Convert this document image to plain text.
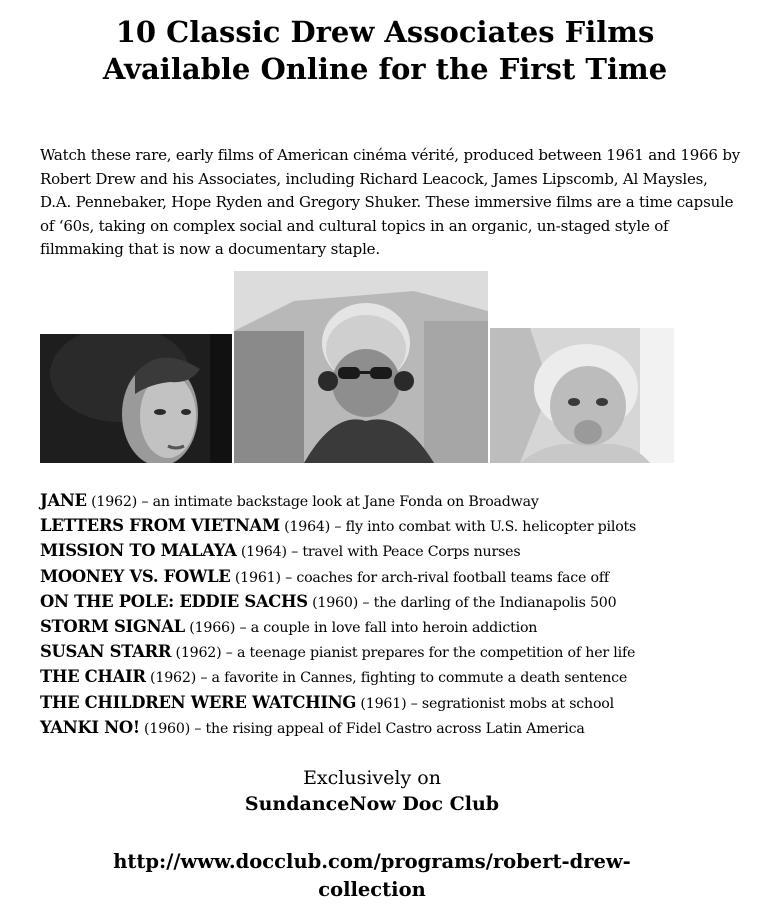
10 Classic Drew Associates Films
Available Online for the First Time

Watch these rare, early films of American cinéma vérité, produced between 1961 and 1966 by Robert Drew and his Associates, including Richard Leacock, James Lipscomb, Al Maysles, D.A. Pennebaker, Hope Ryden and Gregory Shuker. These immersive films are a time capsule of ‘60s, taking on complex social and cultural topics in an organic, un-staged style of filmmaking that is now a documentary staple.

JANE (1962) – an intimate backstage look at Jane Fonda on Broadway
LETTERS FROM VIETNAM (1964) – fly into combat with U.S. helicopter pilots
MISSION TO MALAYA (1964) – travel with Peace Corps nurses
MOONEY VS. FOWLE (1961) – coaches for arch-rival football teams face off
ON THE POLE: EDDIE SACHS (1960) – the darling of the Indianapolis 500
STORM SIGNAL (1966) – a couple in love fall into heroin addiction
SUSAN STARR (1962) – a teenage pianist prepares for the competition of her life
THE CHAIR (1962) – a favorite in Cannes, fighting to commute a death sentence
THE CHILDREN WERE WATCHING (1961) – segrationist mobs at school
YANKI NO! (1960) – the rising appeal of Fidel Castro across Latin America
Exclusively on
SundanceNow Doc Club
http://www.docclub.com/programs/robert-drew-
collection
